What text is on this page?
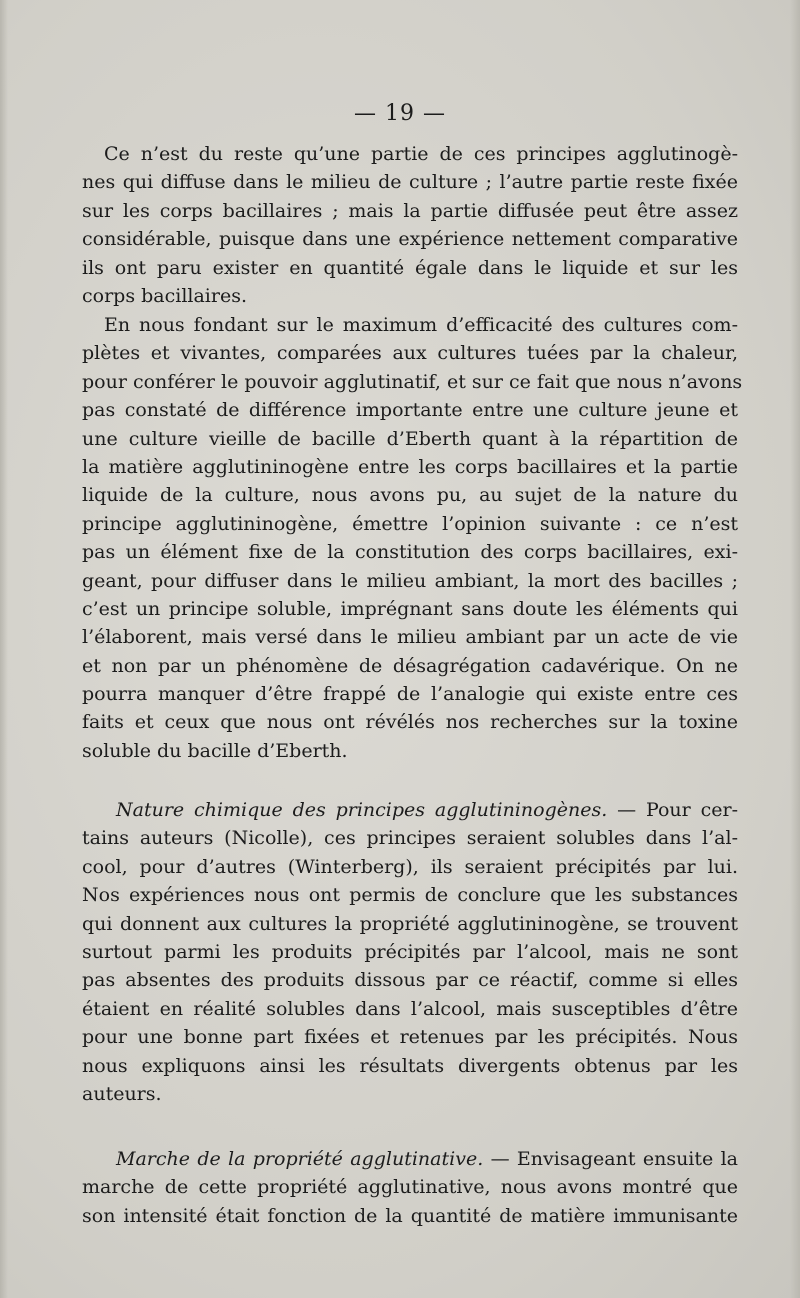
— 19 —
Ce n’est du reste qu’une partie de ces principes agglutinogè-
nes qui diffuse dans le milieu de culture ; l’autre partie reste fixée
sur les corps bacillaires ; mais la partie diffusée peut être assez
considérable, puisque dans une expérience nettement comparative
ils ont paru exister en quantité égale dans le liquide et sur les
corps bacillaires.
En nous fondant sur le maximum d’efficacité des cultures com-
plètes et vivantes, comparées aux cultures tuées par la chaleur,
pour conférer le pouvoir agglutinatif, et sur ce fait que nous n’avons
pas constaté de différence importante entre une culture jeune et
une culture vieille de bacille d’Eberth quant à la répartition de
la matière agglutininogène entre les corps bacillaires et la partie
liquide de la culture, nous avons pu, au sujet de la nature du
principe agglutininogène, émettre l’opinion suivante : ce n’est
pas un élément fixe de la constitution des corps bacillaires, exi-
geant, pour diffuser dans le milieu ambiant, la mort des bacilles ;
c’est un principe soluble, imprégnant sans doute les éléments qui
l’élaborent, mais versé dans le milieu ambiant par un acte de vie
et non par un phénomène de désagrégation cadavérique. On ne
pourra manquer d’être frappé de l’analogie qui existe entre ces
faits et ceux que nous ont révélés nos recherches sur la toxine
soluble du bacille d’Eberth.
Nature chimique des principes agglutininogènes. — Pour cer-
tains auteurs (Nicolle), ces principes seraient solubles dans l’al-
cool, pour d’autres (Winterberg), ils seraient précipités par lui.
Nos expériences nous ont permis de conclure que les substances
qui donnent aux cultures la propriété agglutininogène, se trouvent
surtout parmi les produits précipités par l’alcool, mais ne sont
pas absentes des produits dissous par ce réactif, comme si elles
étaient en réalité solubles dans l’alcool, mais susceptibles d’être
pour une bonne part fixées et retenues par les précipités. Nous
nous expliquons ainsi les résultats divergents obtenus par les
auteurs.
Marche de la propriété agglutinative. — Envisageant ensuite la
marche de cette propriété agglutinative, nous avons montré que
son intensité était fonction de la quantité de matière immunisante
